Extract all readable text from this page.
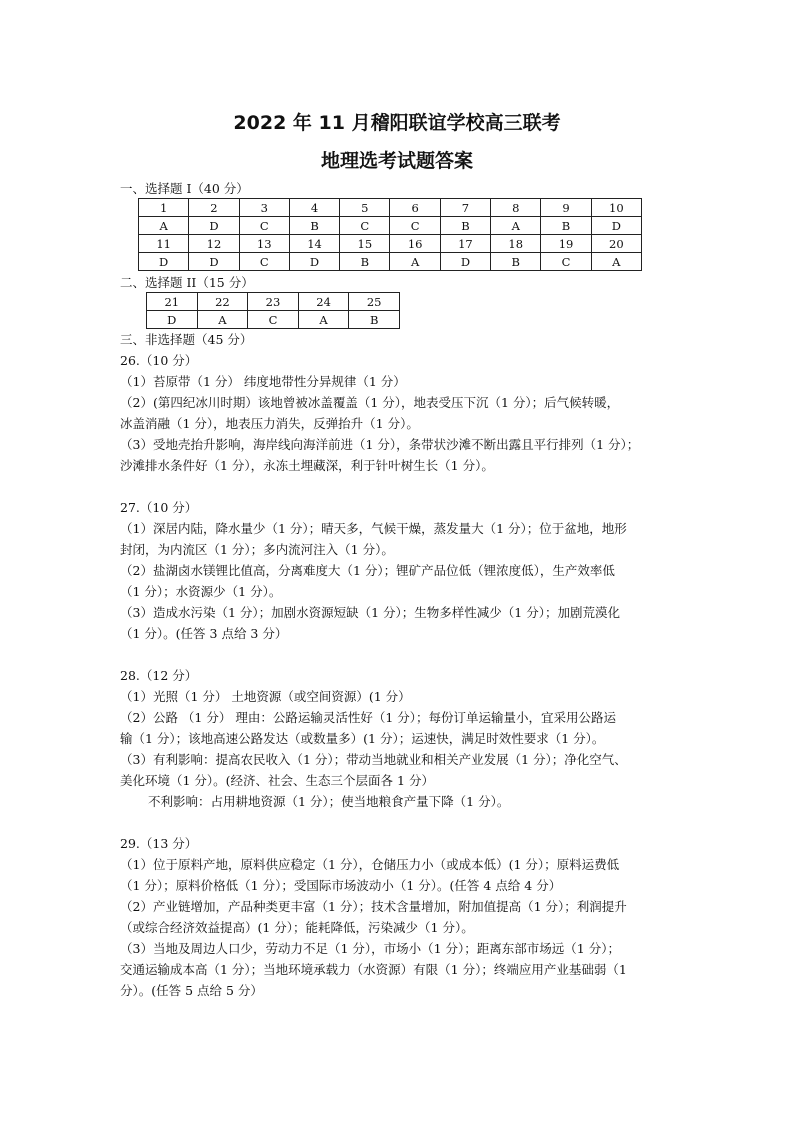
2022 年 11 月稽阳联谊学校高三联考
地理选考试题答案
一、选择题 I（40 分）
1	2	3	4	5	6	7	8	9	10
A	D	C	B	C	C	B	A	B	D
11	12	13	14	15	16	17	18	19	20
D	D	C	D	B	A	D	B	C	A
二、选择题 II（15 分）
21	22	23	24	25
D	A	C	A	B
三、非选择题（45 分）

26.（10 分）

（1）苔原带（1 分） 纬度地带性分异规律（1 分）

（2）(第四纪冰川时期）该地曾被冰盖覆盖（1 分），地表受压下沉（1 分）；后气候转暖，

冰盖消融（1 分），地表压力消失，反弹抬升（1 分）。

（3）受地壳抬升影响，海岸线向海洋前进（1 分），条带状沙滩不断出露且平行排列（1 分）；

沙滩排水条件好（1 分），永冻土埋藏深，利于针叶树生长（1 分）。

27.（10 分）

（1）深居内陆，降水量少（1 分）；晴天多，气候干燥，蒸发量大（1 分）；位于盆地，地形

封闭，为内流区（1 分）；多内流河注入（1 分）。

（2）盐湖卤水镁锂比值高，分离难度大（1 分）；锂矿产品位低（锂浓度低），生产效率低

（1 分）；水资源少（1 分）。

（3）造成水污染（1 分）；加剧水资源短缺（1 分）；生物多样性减少（1 分）；加剧荒漠化

（1 分）。(任答 3 点给 3 分）

28.（12 分）

（1）光照（1 分） 土地资源（或空间资源）(1 分）

（2）公路 （1 分） 理由：公路运输灵活性好（1 分）；每份订单运输量小，宜采用公路运

输（1 分）；该地高速公路发达（或数量多）(1 分）；运速快，满足时效性要求（1 分）。

（3）有利影响：提高农民收入（1 分）；带动当地就业和相关产业发展（1 分）；净化空气、

美化环境（1 分）。(经济、社会、生态三个层面各 1 分）

不利影响：占用耕地资源（1 分）；使当地粮食产量下降（1 分）。

29.（13 分）

（1）位于原料产地，原料供应稳定（1 分），仓储压力小（或成本低）(1 分）；原料运费低

（1 分）；原料价格低（1 分）；受国际市场波动小（1 分）。(任答 4 点给 4 分）

（2）产业链增加，产品种类更丰富（1 分）；技术含量增加，附加值提高（1 分）；利润提升

（或综合经济效益提高）(1 分）；能耗降低，污染减少（1 分）。

（3）当地及周边人口少，劳动力不足（1 分），市场小（1 分）；距离东部市场远（1 分）；

交通运输成本高（1 分）；当地环境承载力（水资源）有限（1 分）；终端应用产业基础弱（1

分）。(任答 5 点给 5 分）
